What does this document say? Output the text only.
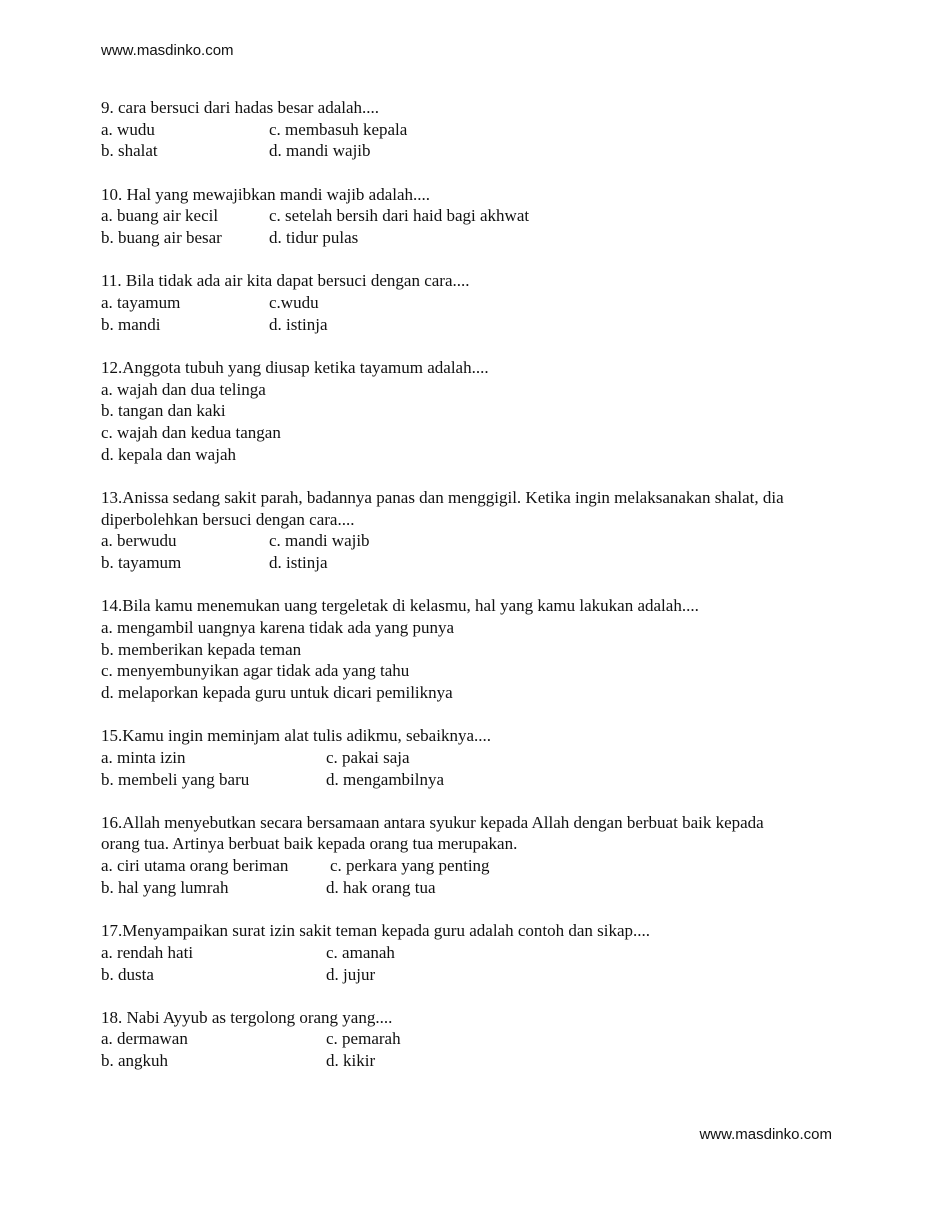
www.masdinko.com
9. cara bersuci dari hadas besar adalah....
a. wudu	c. membasuh kepala
b. shalat	d. mandi wajib
10. Hal yang mewajibkan mandi wajib adalah....
a. buang air kecil	c. setelah bersih dari haid bagi akhwat
b. buang air besar	d. tidur pulas
11. Bila tidak ada air kita dapat bersuci dengan cara....
a. tayamum	c.wudu
b. mandi	d. istinja
12.Anggota tubuh yang diusap ketika tayamum adalah....
a. wajah dan dua telinga
b. tangan dan kaki
c. wajah dan kedua tangan
d. kepala dan wajah
13.Anissa sedang sakit parah, badannya panas dan menggigil. Ketika ingin melaksanakan shalat, dia diperbolehkan bersuci dengan cara....
a. berwudu	c. mandi wajib
b. tayamum	d. istinja
14.Bila kamu menemukan uang tergeletak di kelasmu, hal yang kamu lakukan adalah....
a. mengambil uangnya karena tidak ada yang punya
b. memberikan kepada teman
c. menyembunyikan agar tidak ada yang tahu
d. melaporkan kepada guru untuk dicari pemiliknya
15.Kamu ingin meminjam alat tulis adikmu, sebaiknya....
a. minta izin	c. pakai saja
b. membeli yang baru	d. mengambilnya
16.Allah menyebutkan secara bersamaan antara syukur kepada Allah dengan berbuat baik kepada orang tua. Artinya berbuat baik kepada orang tua merupakan.
a. ciri utama orang beriman	c. perkara yang penting
b. hal yang lumrah	d. hak orang tua
17.Menyampaikan surat izin sakit teman kepada guru adalah contoh dan sikap....
a. rendah hati	c. amanah
b. dusta	d. jujur
18. Nabi Ayyub as tergolong orang yang....
a. dermawan	c. pemarah
b. angkuh	d. kikir
www.masdinko.com
